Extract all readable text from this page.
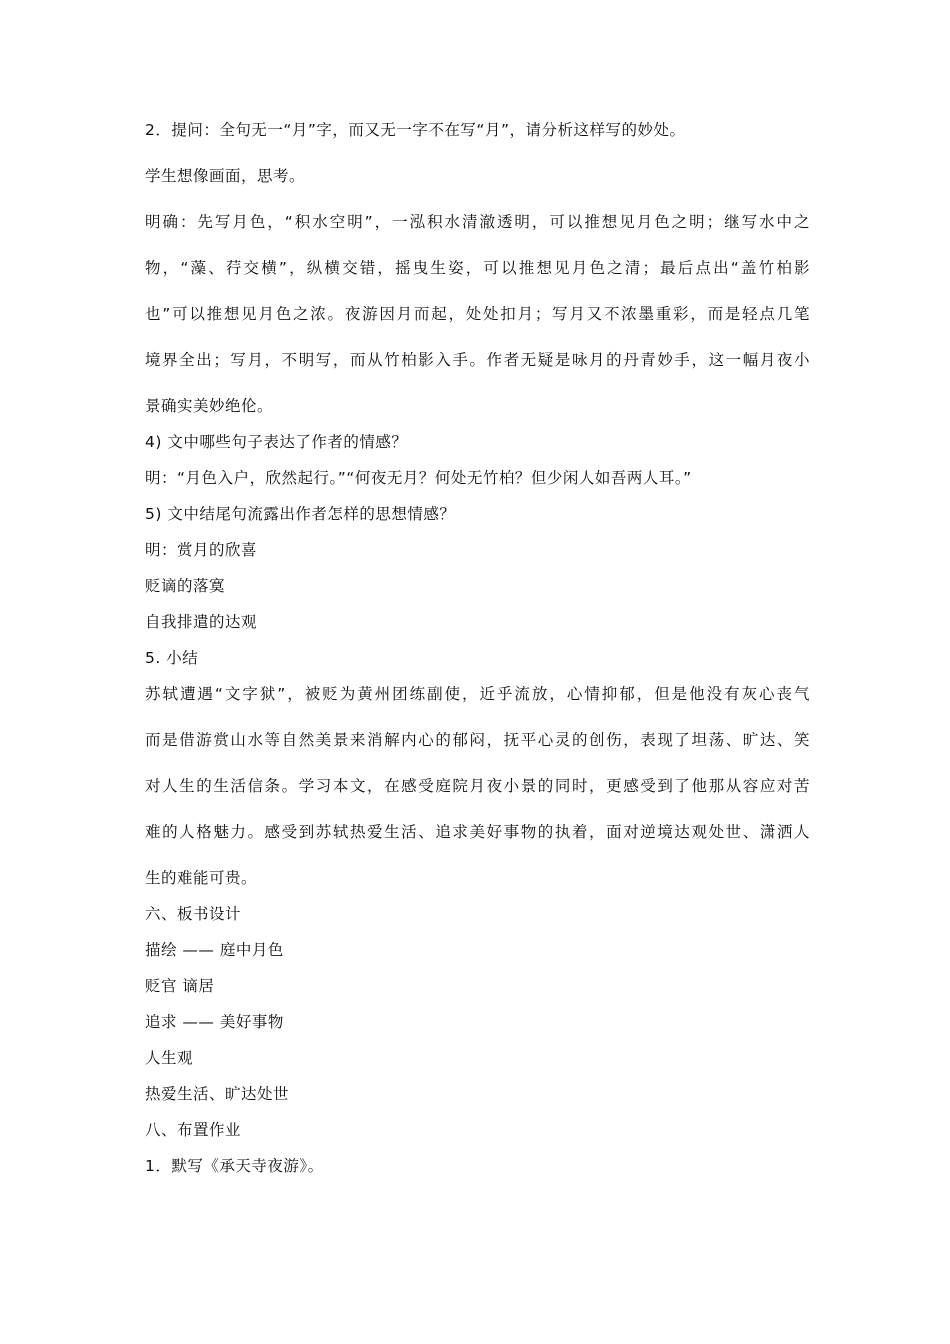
2．提问：全句无一“月”字，而又无一字不在写“月”，请分析这样写的妙处。
学生想像画面，思考。
明确：先写月色，“积水空明”，一泓积水清澈透明，可以推想见月色之明；继写水中之
物，“藻、荇交横”，纵横交错，摇曳生姿，可以推想见月色之清；最后点出“盖竹柏影
也”可以推想见月色之浓。夜游因月而起，处处扣月；写月又不浓墨重彩，而是轻点几笔
境界全出；写月，不明写，而从竹柏影入手。作者无疑是咏月的丹青妙手，这一幅月夜小
景确实美妙绝伦。
4) 文中哪些句子表达了作者的情感？
明：“月色入户，欣然起行。”“何夜无月？何处无竹柏？但少闲人如吾两人耳。”
5) 文中结尾句流露出作者怎样的思想情感？
明：赏月的欣喜
贬谪的落寞
自我排遣的达观
5. 小结
苏轼遭遇“文字狱”，被贬为黄州团练副使，近乎流放，心情抑郁，但是他没有灰心丧气
而是借游赏山水等自然美景来消解内心的郁闷，抚平心灵的创伤，表现了坦荡、旷达、笑
对人生的生活信条。学习本文，在感受庭院月夜小景的同时，更感受到了他那从容应对苦
难的人格魅力。感受到苏轼热爱生活、追求美好事物的执着，面对逆境达观处世、潇洒人
生的难能可贵。
六、板书设计
描绘 —— 庭中月色
贬官 谪居
追求 —— 美好事物
人生观
热爱生活、旷达处世
八、布置作业
1．默写《承天寺夜游》。
